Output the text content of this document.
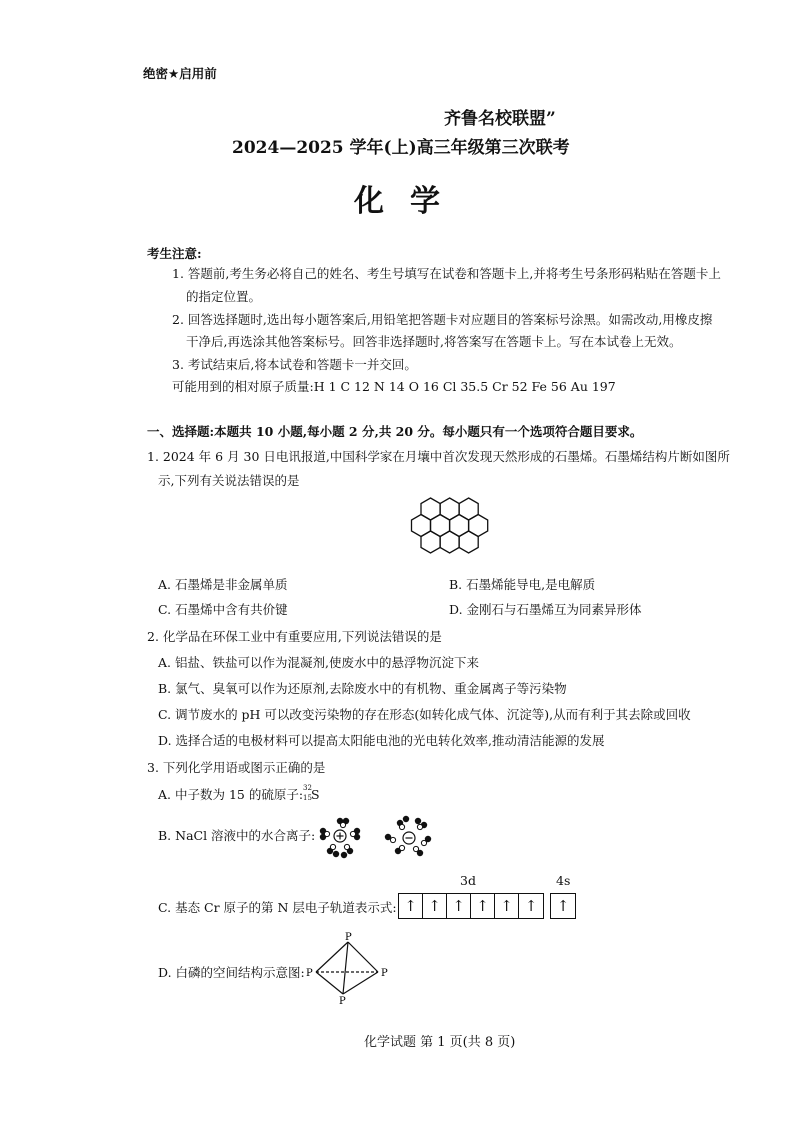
绝密★启用前
齐鲁名校联盟”
2024—2025 学年(上)高三年级第三次联考
化学
考生注意:
1. 答题前,考生务必将自己的姓名、考生号填写在试卷和答题卡上,并将考生号条形码粘贴在答题卡上
的指定位置。
2. 回答选择题时,选出每小题答案后,用铅笔把答题卡对应题目的答案标号涂黑。如需改动,用橡皮擦
干净后,再选涂其他答案标号。回答非选择题时,将答案写在答题卡上。写在本试卷上无效。
3. 考试结束后,将本试卷和答题卡一并交回。
可能用到的相对原子质量:H 1 C 12 N 14 O 16 Cl 35.5 Cr 52 Fe 56 Au 197
一、选择题:本题共 10 小题,每小题 2 分,共 20 分。每小题只有一个选项符合题目要求。
1. 2024 年 6 月 30 日电讯报道,中国科学家在月壤中首次发现天然形成的石墨烯。石墨烯结构片断如图所
示,下列有关说法错误的是
A. 石墨烯是非金属单质	B. 石墨烯能导电,是电解质
C. 石墨烯中含有共价键	D. 金刚石与石墨烯互为同素异形体
2. 化学品在环保工业中有重要应用,下列说法错误的是
A. 铝盐、铁盐可以作为混凝剂,使废水中的悬浮物沉淀下来
B. 氯气、臭氧可以作为还原剂,去除废水中的有机物、重金属离子等污染物
C. 调节废水的 pH 可以改变污染物的存在形态(如转化成气体、沉淀等),从而有利于其去除或回收
D. 选择合适的电极材料可以提高太阳能电池的光电转化效率,推动清洁能源的发展
3. 下列化学用语或图示正确的是
A. 中子数为 15 的硫原子: 32
15 S
B. NaCl 溶液中的水合离子:
3d	4s
C. 基态 Cr 原子的第 N 层电子轨道表示式: ↑ ↑ ↑ ↑ ↑ ↑	↑
D. 白磷的空间结构示意图:
P
P	P
P
化学试题 第 1 页(共 8 页)
